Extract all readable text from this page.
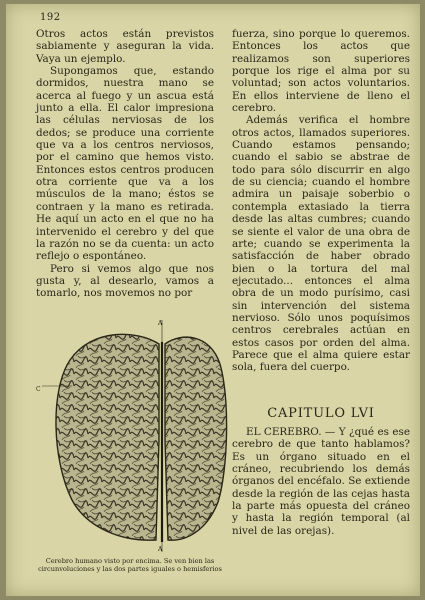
192

Otros actos están previstos sabiamente y aseguran la vida. Vaya un ejemplo.

Supongamos que, estando dormidos, nuestra mano se acerca al fuego y un ascua está junto a ella. El calor impresiona las células nerviosas de los dedos; se produce una corriente que va a los centros nerviosos, por el camino que hemos visto. Entonces estos centros producen otra corriente que va a los músculos de la mano; éstos se contraen y la mano es retirada. He aquí un acto en el que no ha intervenido el cerebro y del que la razón no se da cuenta: un acto reflejo o espontáneo.

Pero si vemos algo que nos gusta y, al desearlo, vamos a tomarlo, nos movemos no por

fuerza, sino porque lo queremos. Entonces los actos que realizamos son superiores porque los rige el alma por su voluntad; son actos voluntarios. En ellos interviene de lleno el cerebro.

Además verifica el hombre otros actos, llamados superiores. Cuando estamos pensando; cuando el sabio se abstrae de todo para sólo discurrir en algo de su ciencia; cuando el hombre admira un paisaje soberbio o contempla extasiado la tierra desde las altas cumbres; cuando se siente el valor de una obra de arte; cuando se experimenta la satisfacción de haber obrado bien o la tortura del mal ejecutado... entonces el alma obra de un modo purísimo, casi sin intervención del sistema nervioso. Sólo unos poquísimos centros cerebrales actúan en estos casos por orden del alma. Parece que el alma quiere estar sola, fuera del cuerpo.

CAPITULO LVI

EL CEREBRO. — Y ¿qué es ese cerebro de que tanto hablamos? Es un órgano situado en el cráneo, recubriendo los demás órganos del encéfalo. Se extiende desde la región de las cejas hasta la parte más opuesta del cráneo y hasta la región temporal (al nivel de las orejas).

A
A
C
Cerebro humano visto por encima. Se ven bien las circunvoluciones y las dos partes iguales o hemisferios
